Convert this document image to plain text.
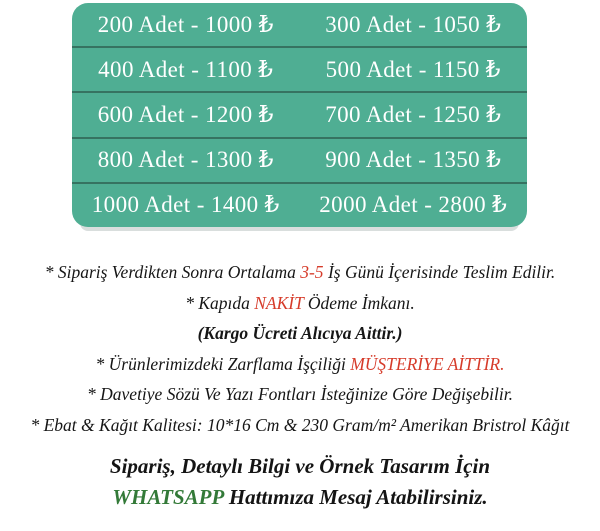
200 Adet - 1000 ₺	300 Adet - 1050 ₺
400 Adet - 1100 ₺	500 Adet - 1150 ₺
600 Adet - 1200 ₺	700 Adet - 1250 ₺
800 Adet - 1300 ₺	900 Adet - 1350 ₺
1000 Adet - 1400 ₺	2000 Adet - 2800 ₺

* Sipariş Verdikten Sonra Ortalama 3-5 İş Günü İçerisinde Teslim Edilir.

* Kapıda NAKİT Ödeme İmkanı.

(Kargo Ücreti Alıcıya Aittir.)

* Ürünlerimizdeki Zarflama İşçiliği MÜŞTERİYE AİTTİR.

* Davetiye Sözü Ve Yazı Fontları İsteğinize Göre Değişebilir.

* Ebat & Kağıt Kalitesi: 10*16 Cm & 230 Gram/m² Amerikan Bristrol Kâğıt

Sipariş, Detaylı Bilgi ve Örnek Tasarım İçin

WHATSAPP Hattımıza Mesaj Atabilirsiniz.
